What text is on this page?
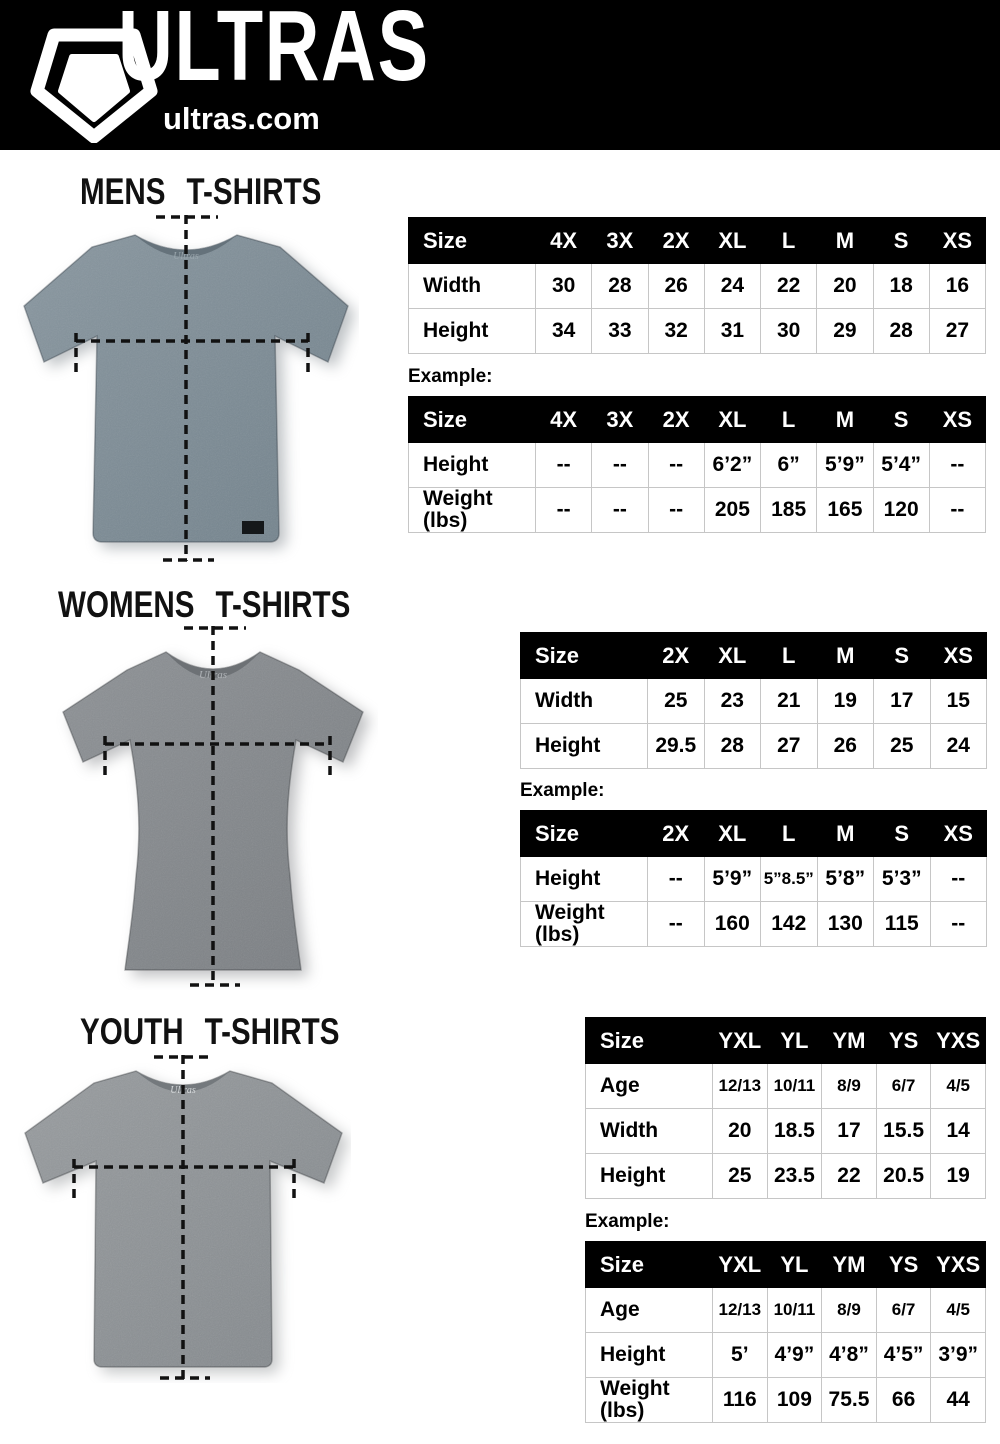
ULTRAS
ultras.com
MENS T-SHIRTS
WOMENS T-SHIRTS
YOUTH T-SHIRTS
Ultras
Ultras
Ultras
Size	4X	3X	2X	XL	L	M	S	XS
Width	30	28	26	24	22	20	18	16
Height	34	33	32	31	30	29	28	27
Example:
Size	4X	3X	2X	XL	L	M	S	XS
Height	--	--	--	6’2”	6”	5’9”	5’4”	--
Weight (lbs)	--	--	--	205	185	165	120	--
Size	2X	XL	L	M	S	XS
Width	25	23	21	19	17	15
Height	29.5	28	27	26	25	24
Example:
Size	2X	XL	L	M	S	XS
Height	--	5’9”	5”8.5”	5’8”	5’3”	--
Weight (lbs)	--	160	142	130	115	--
Size	YXL	YL	YM	YS	YXS
Age	12/13	10/11	8/9	6/7	4/5
Width	20	18.5	17	15.5	14
Height	25	23.5	22	20.5	19
Example:
Size	YXL	YL	YM	YS	YXS
Age	12/13	10/11	8/9	6/7	4/5
Height	5’	4’9”	4’8”	4’5”	3’9”
Weight (lbs)	116	109	75.5	66	44
